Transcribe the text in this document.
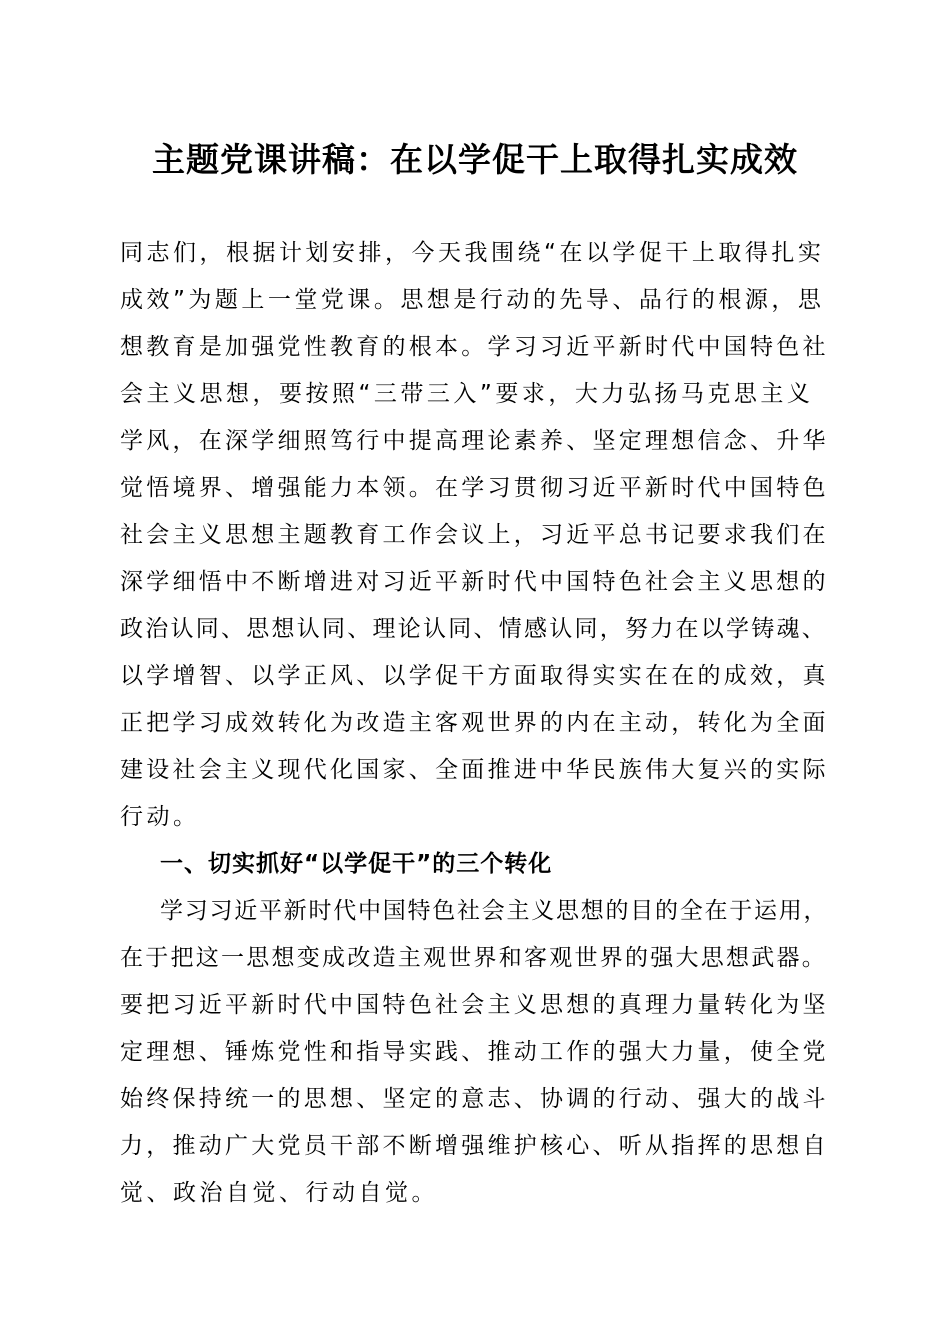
主题党课讲稿：在以学促干上取得扎实成效
同志们，根据计划安排，今天我围绕“在以学促干上取得扎实
成效”为题上一堂党课。思想是行动的先导、品行的根源，思
想教育是加强党性教育的根本。学习习近平新时代中国特色社
会主义思想，要按照“三带三入”要求，大力弘扬马克思主义
学风，在深学细照笃行中提高理论素养、坚定理想信念、升华
觉悟境界、增强能力本领。在学习贯彻习近平新时代中国特色
社会主义思想主题教育工作会议上，习近平总书记要求我们在
深学细悟中不断增进对习近平新时代中国特色社会主义思想的
政治认同、思想认同、理论认同、情感认同，努力在以学铸魂、
以学增智、以学正风、以学促干方面取得实实在在的成效，真
正把学习成效转化为改造主客观世界的内在主动，转化为全面
建设社会主义现代化国家、全面推进中华民族伟大复兴的实际
行动。
一、切实抓好“以学促干”的三个转化
学习习近平新时代中国特色社会主义思想的目的全在于运用，
在于把这一思想变成改造主观世界和客观世界的强大思想武器。
要把习近平新时代中国特色社会主义思想的真理力量转化为坚
定理想、锤炼党性和指导实践、推动工作的强大力量，使全党
始终保持统一的思想、坚定的意志、协调的行动、强大的战斗
力，推动广大党员干部不断增强维护核心、听从指挥的思想自
觉、政治自觉、行动自觉。
